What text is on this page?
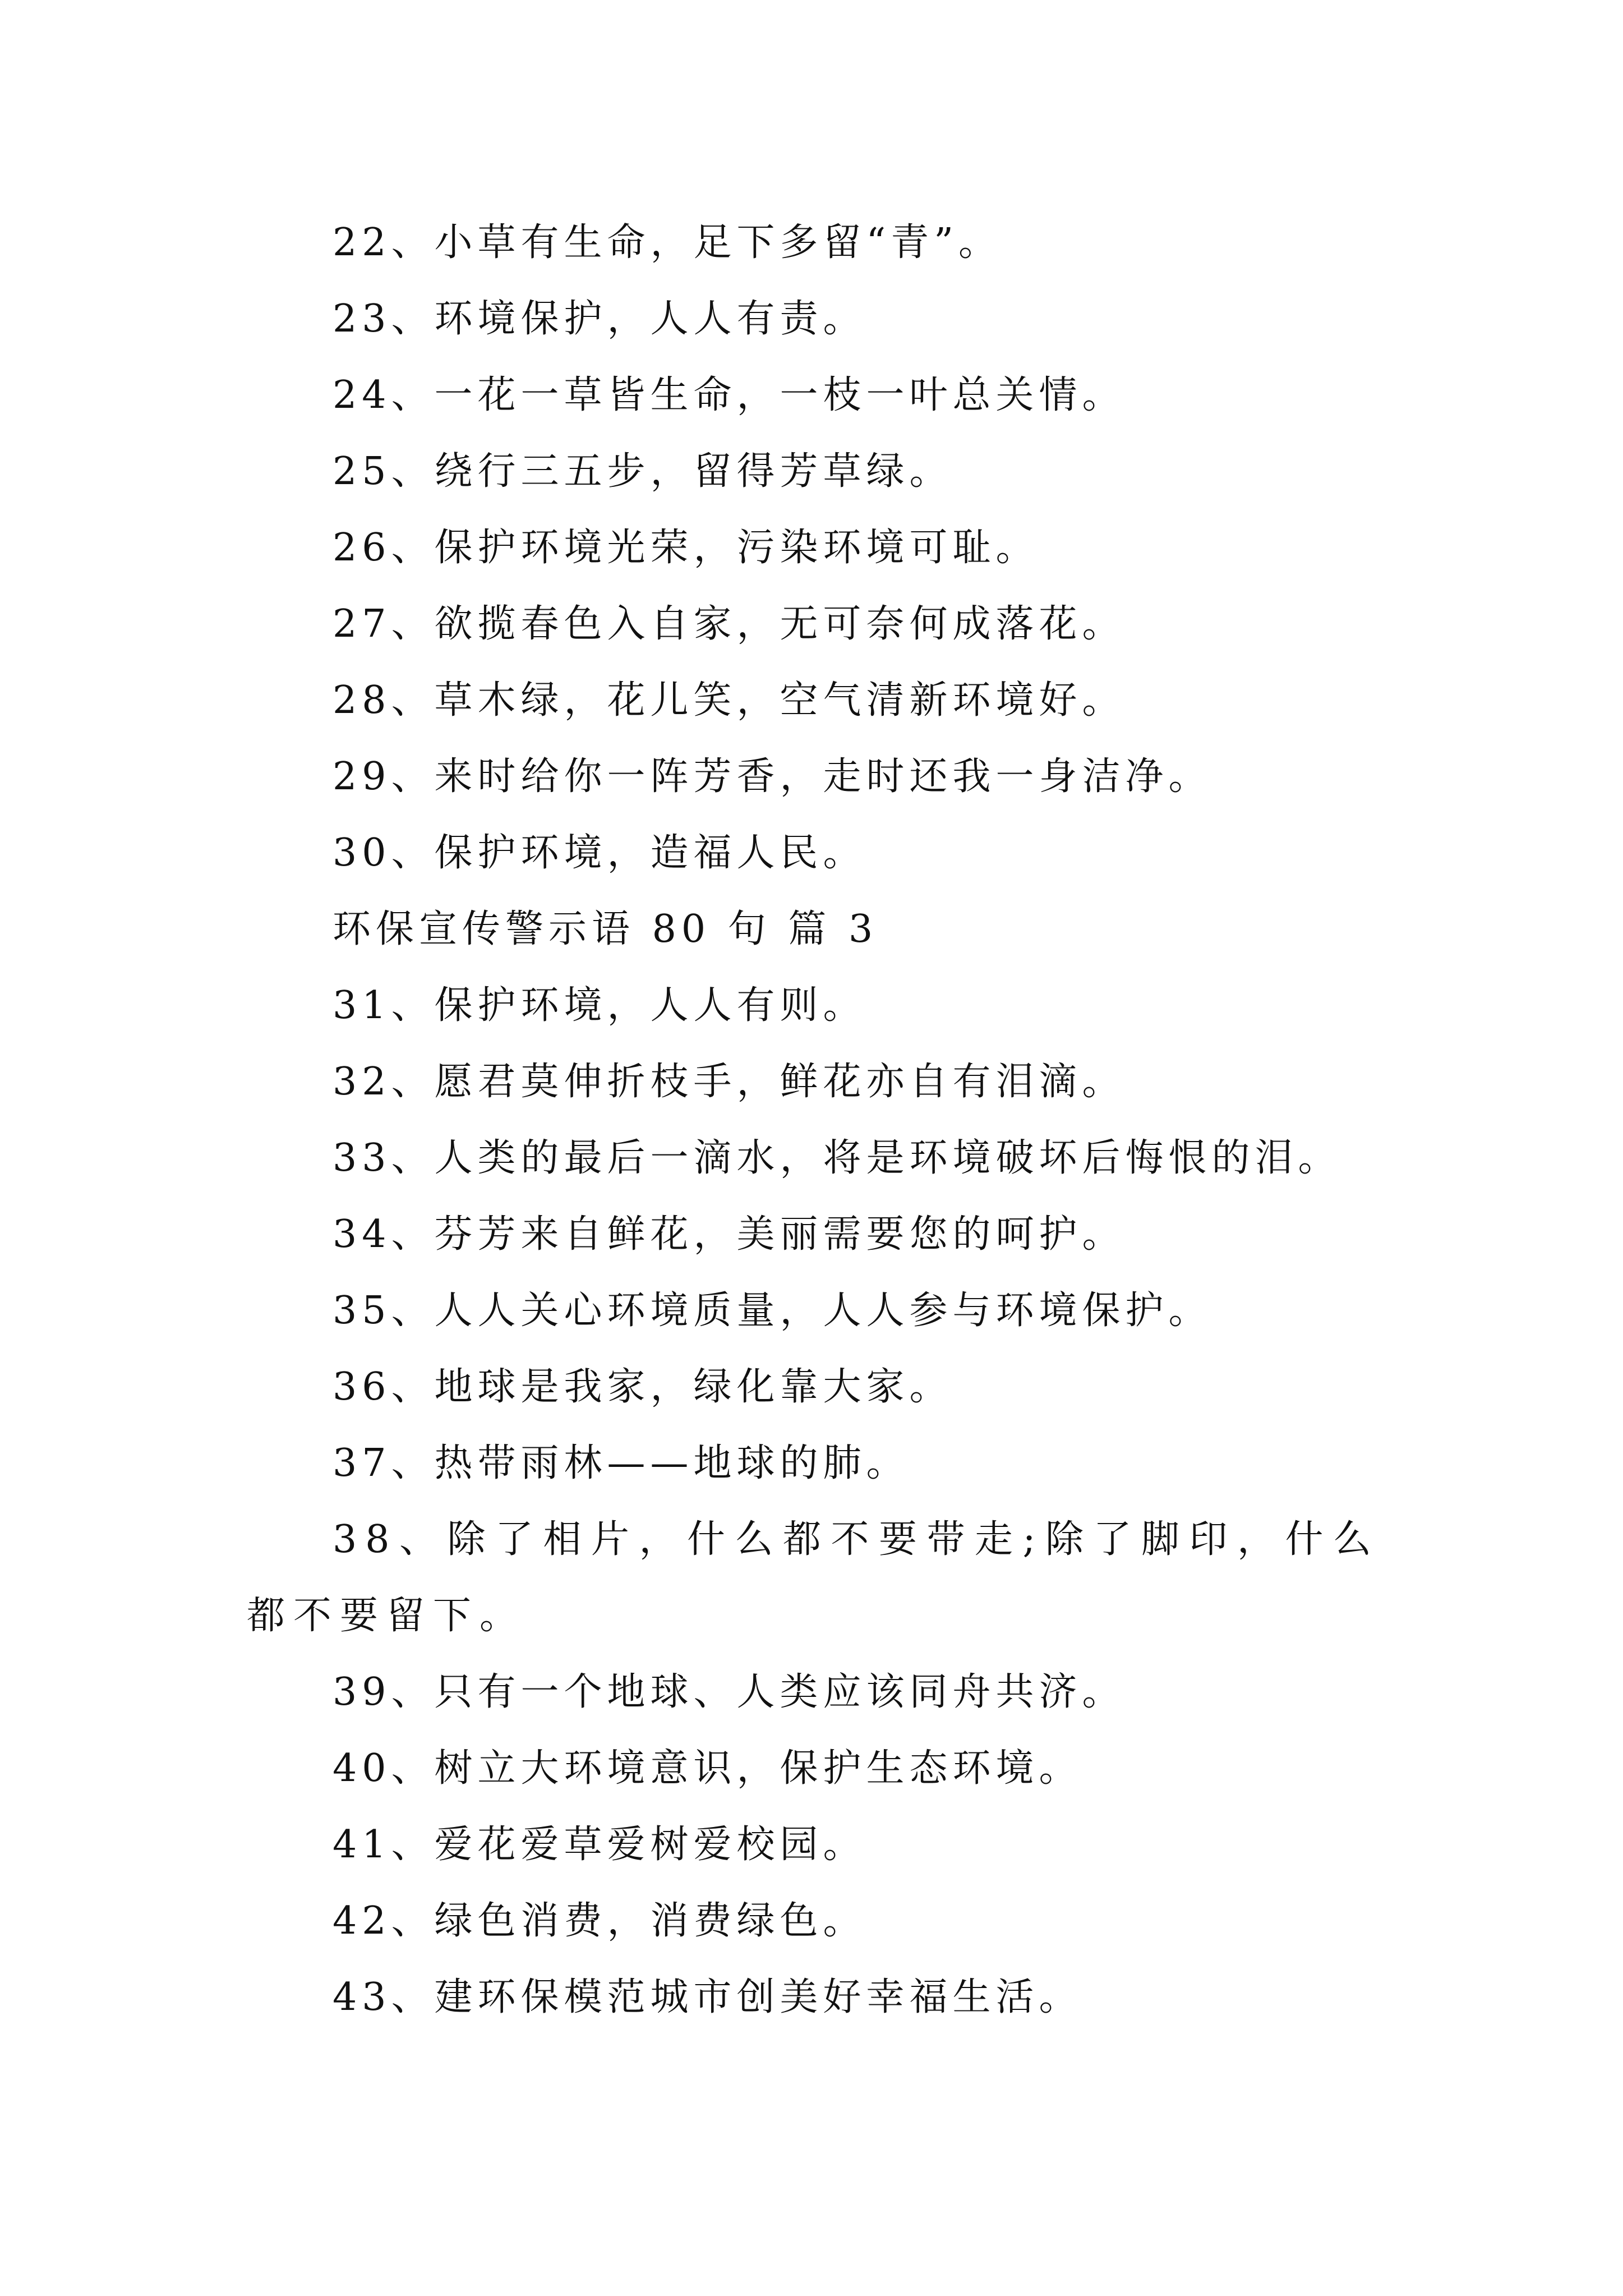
22、小草有生命，足下多留“青”。

23、环境保护，人人有责。

24、一花一草皆生命，一枝一叶总关情。

25、绕行三五步，留得芳草绿。

26、保护环境光荣，污染环境可耻。

27、欲揽春色入自家，无可奈何成落花。

28、草木绿，花儿笑，空气清新环境好。

29、来时给你一阵芳香，走时还我一身洁净。

30、保护环境，造福人民。

环保宣传警示语 80 句 篇 3

31、保护环境，人人有则。

32、愿君莫伸折枝手，鲜花亦自有泪滴。

33、人类的最后一滴水，将是环境破坏后悔恨的泪。

34、芬芳来自鲜花，美丽需要您的呵护。

35、人人关心环境质量，人人参与环境保护。

36、地球是我家，绿化靠大家。

37、热带雨林——地球的肺。

38、除了相片，什么都不要带走;除了脚印，什么都不要留下。

39、只有一个地球、人类应该同舟共济。

40、树立大环境意识，保护生态环境。

41、爱花爱草爱树爱校园。

42、绿色消费，消费绿色。

43、建环保模范城市创美好幸福生活。
